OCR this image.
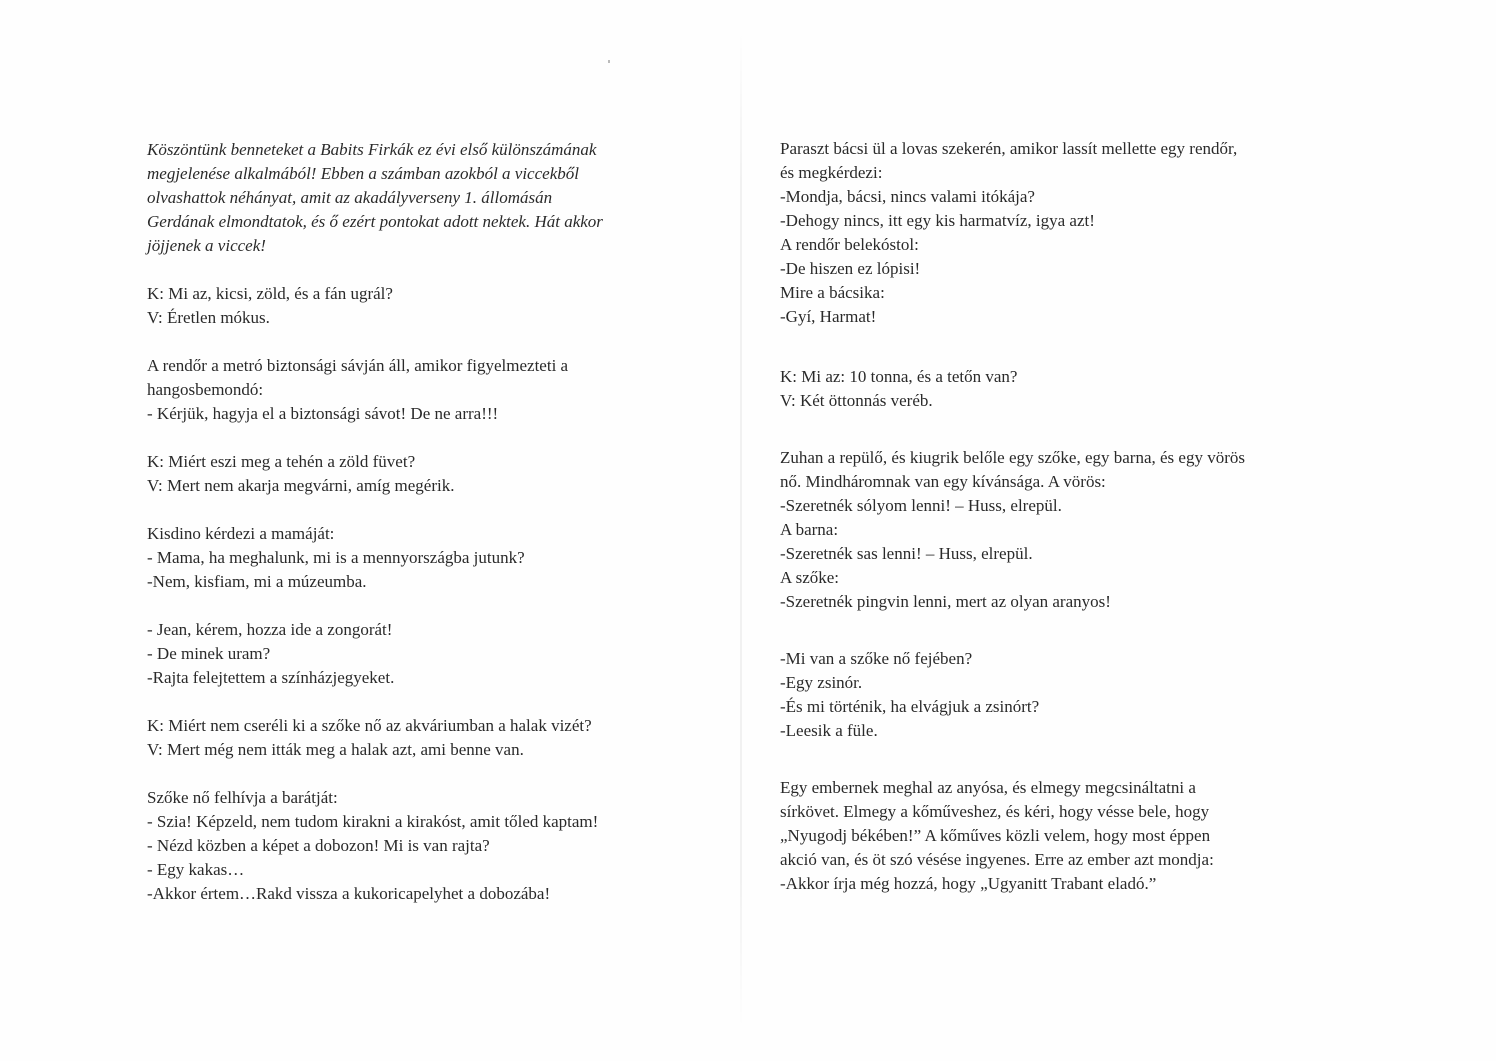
Köszöntünk benneteket a Babits Firkák ez évi első különszámának
megjelenése alkalmából! Ebben a számban azokból a viccekből
olvashattok néhányat, amit az akadályverseny 1. állomásán
Gerdának elmondtatok, és ő ezért pontokat adott nektek. Hát akkor
jöjjenek a viccek!
K: Mi az, kicsi, zöld, és a fán ugrál?
V: Éretlen mókus.
A rendőr a metró biztonsági sávján áll, amikor figyelmezteti a
hangosbemondó:
- Kérjük, hagyja el a biztonsági sávot! De ne arra!!!
K: Miért eszi meg a tehén a zöld füvet?
V: Mert nem akarja megvárni, amíg megérik.
Kisdino kérdezi a mamáját:
- Mama, ha meghalunk, mi is a mennyországba jutunk?
-Nem, kisfiam, mi a múzeumba.
- Jean, kérem, hozza ide a zongorát!
- De minek uram?
-Rajta felejtettem a színházjegyeket.
K: Miért nem cseréli ki a szőke nő az akváriumban a halak vizét?
V: Mert még nem itták meg a halak azt, ami benne van.
Szőke nő felhívja a barátját:
- Szia! Képzeld, nem tudom kirakni a kirakóst, amit tőled kaptam!
- Nézd közben a képet a dobozon! Mi is van rajta?
- Egy kakas…
-Akkor értem…Rakd vissza a kukoricapelyhet a dobozába!
Paraszt bácsi ül a lovas szekerén, amikor lassít mellette egy rendőr,
és megkérdezi:
-Mondja, bácsi, nincs valami itókája?
-Dehogy nincs, itt egy kis harmatvíz, igya azt!
A rendőr belekóstol:
-De hiszen ez lópisi!
Mire a bácsika:
-Gyí, Harmat!
K: Mi az: 10 tonna, és a tetőn van?
V: Két öttonnás veréb.
Zuhan a repülő, és kiugrik belőle egy szőke, egy barna, és egy vörös
nő. Mindháromnak van egy kívánsága. A vörös:
-Szeretnék sólyom lenni! – Huss, elrepül.
A barna:
-Szeretnék sas lenni! – Huss, elrepül.
A szőke:
-Szeretnék pingvin lenni, mert az olyan aranyos!
-Mi van a szőke nő fejében?
-Egy zsinór.
-És mi történik, ha elvágjuk a zsinórt?
-Leesik a füle.
Egy embernek meghal az anyósa, és elmegy megcsináltatni a
sírkövet. Elmegy a kőműveshez, és kéri, hogy vésse bele, hogy
„Nyugodj békében!” A kőműves közli velem, hogy most éppen
akció van, és öt szó vésése ingyenes. Erre az ember azt mondja:
-Akkor írja még hozzá, hogy „Ugyanitt Trabant eladó.”
